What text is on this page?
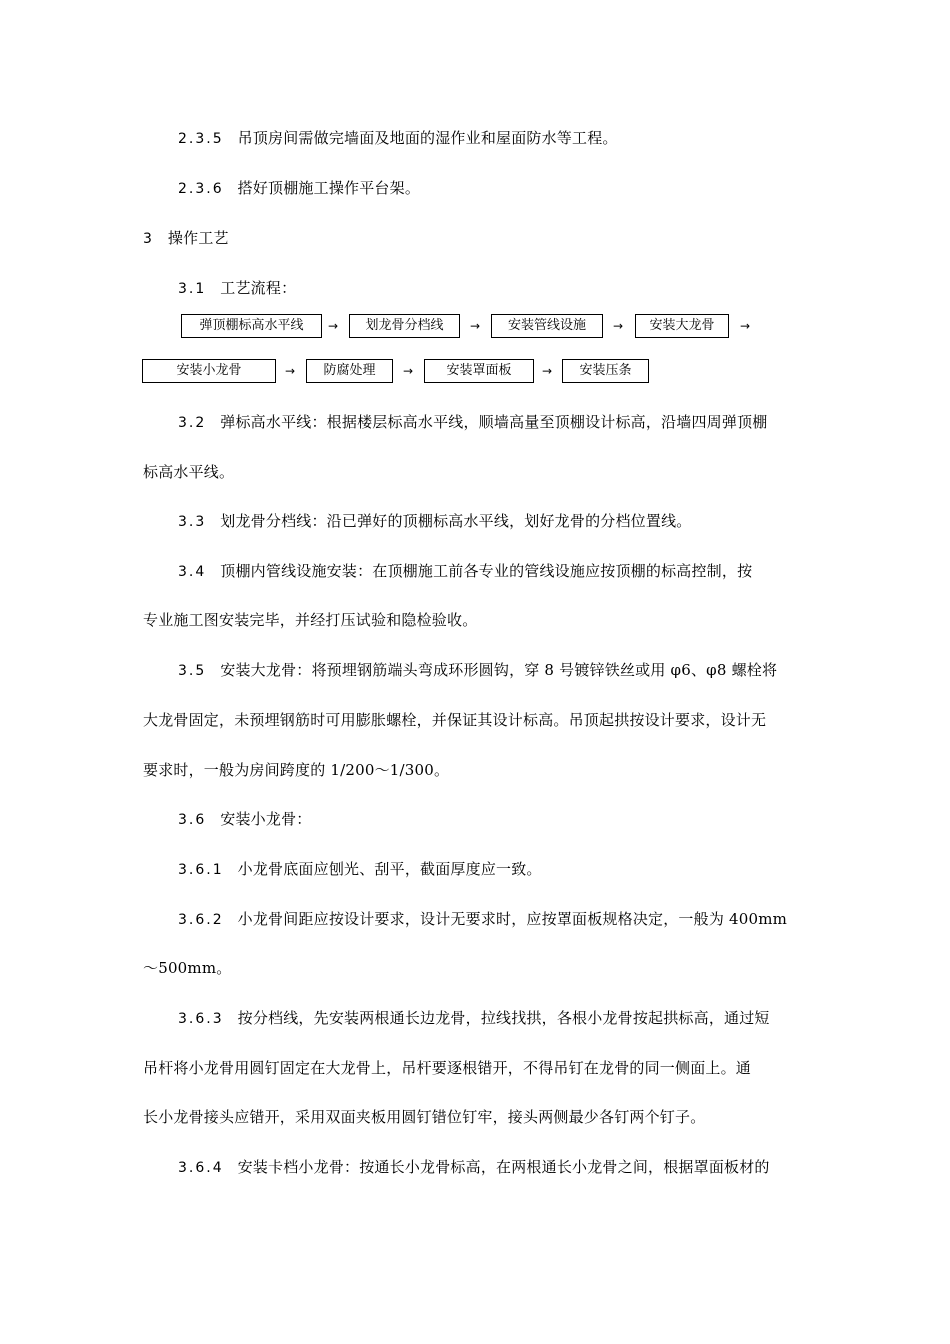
2.3.5 吊顶房间需做完墙面及地面的湿作业和屋面防水等工程。
2.3.6 搭好顶棚施工操作平台架。
3 操作工艺
3.1 工艺流程：
弹顶棚标高水平线	→	划龙骨分档线	→	安装管线设施	→	安装大龙骨	→
安装小龙骨	→	防腐处理	→	安装罩面板	→	安装压条
3.2 弹标高水平线：根据楼层标高水平线，顺墙高量至顶棚设计标高，沿墙四周弹顶棚
标高水平线。
3.3 划龙骨分档线：沿已弹好的顶棚标高水平线，划好龙骨的分档位置线。
3.4 顶棚内管线设施安装：在顶棚施工前各专业的管线设施应按顶棚的标高控制，按
专业施工图安装完毕，并经打压试验和隐检验收。
3.5 安装大龙骨：将预埋钢筋端头弯成环形圆钩，穿 8 号镀锌铁丝或用 φ6、φ8 螺栓将
大龙骨固定，未预埋钢筋时可用膨胀螺栓，并保证其设计标高。吊顶起拱按设计要求，设计无
要求时，一般为房间跨度的 1/200～1/300。
3.6 安装小龙骨：
3.6.1 小龙骨底面应刨光、刮平，截面厚度应一致。
3.6.2 小龙骨间距应按设计要求，设计无要求时，应按罩面板规格决定，一般为 400mm
～500mm。
3.6.3 按分档线，先安装两根通长边龙骨，拉线找拱，各根小龙骨按起拱标高，通过短
吊杆将小龙骨用圆钉固定在大龙骨上，吊杆要逐根错开，不得吊钉在龙骨的同一侧面上。通
长小龙骨接头应错开，采用双面夹板用圆钉错位钉牢，接头两侧最少各钉两个钉子。
3.6.4 安装卡档小龙骨：按通长小龙骨标高，在两根通长小龙骨之间，根据罩面板材的
